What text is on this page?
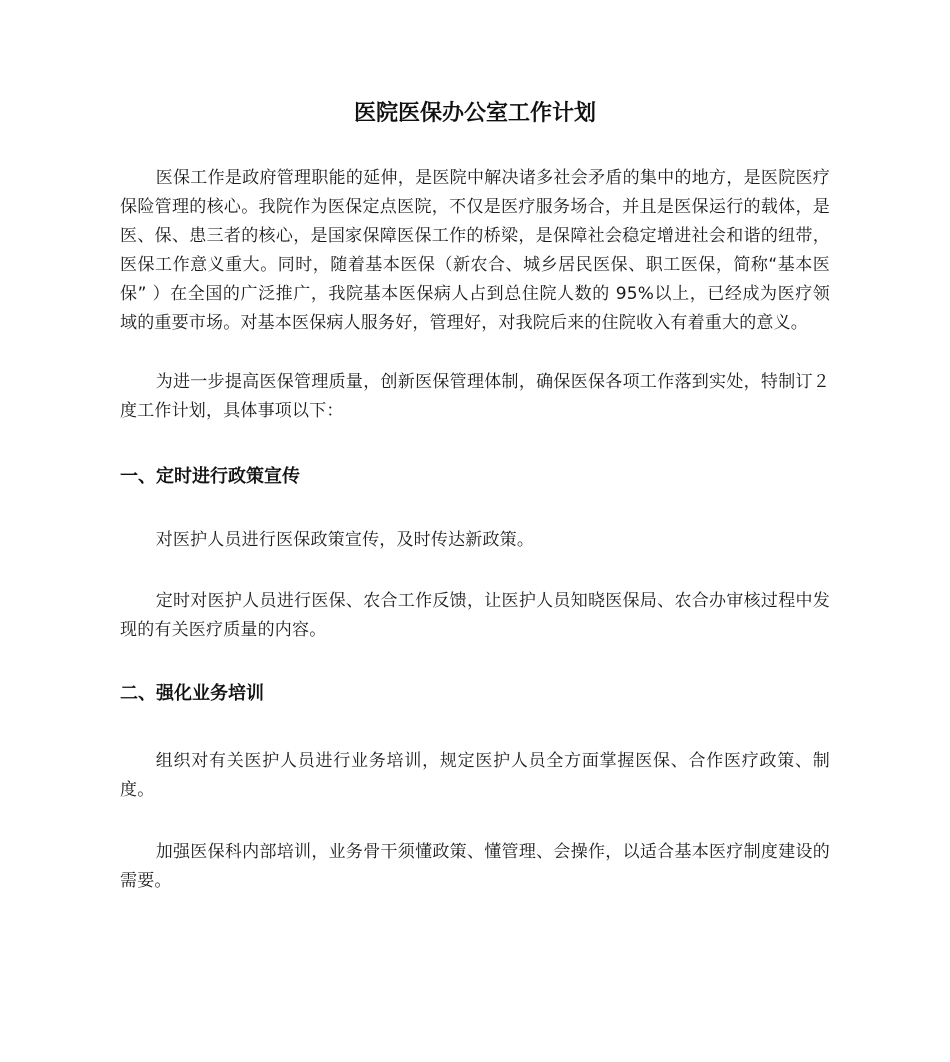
医院医保办公室工作计划

医保工作是政府管理职能的延伸，是医院中解决诸多社会矛盾的集中的地方，是医院医疗保险管理的核心。我院作为医保定点医院，不仅是医疗服务场合，并且是医保运行的载体，是医、保、患三者的核心，是国家保障医保工作的桥梁，是保障社会稳定增进社会和谐的纽带，医保工作意义重大。同时，随着基本医保（新农合、城乡居民医保、职工医保，简称“基本医保” ）在全国的广泛推广，我院基本医保病人占到总住院人数的 95%以上，已经成为医疗领域的重要市场。对基本医保病人服务好，管理好，对我院后来的住院收入有着重大的意义。

为进一步提高医保管理质量，创新医保管理体制，确保医保各项工作落到实处，特制订２度工作计划，具体事项以下：

一、定时进行政策宣传

对医护人员进行医保政策宣传，及时传达新政策。

定时对医护人员进行医保、农合工作反馈，让医护人员知晓医保局、农合办审核过程中发现的有关医疗质量的内容。

二、强化业务培训

组织对有关医护人员进行业务培训，规定医护人员全方面掌握医保、合作医疗政策、制度。

加强医保科内部培训，业务骨干须懂政策、懂管理、会操作，以适合基本医疗制度建设的需要。
